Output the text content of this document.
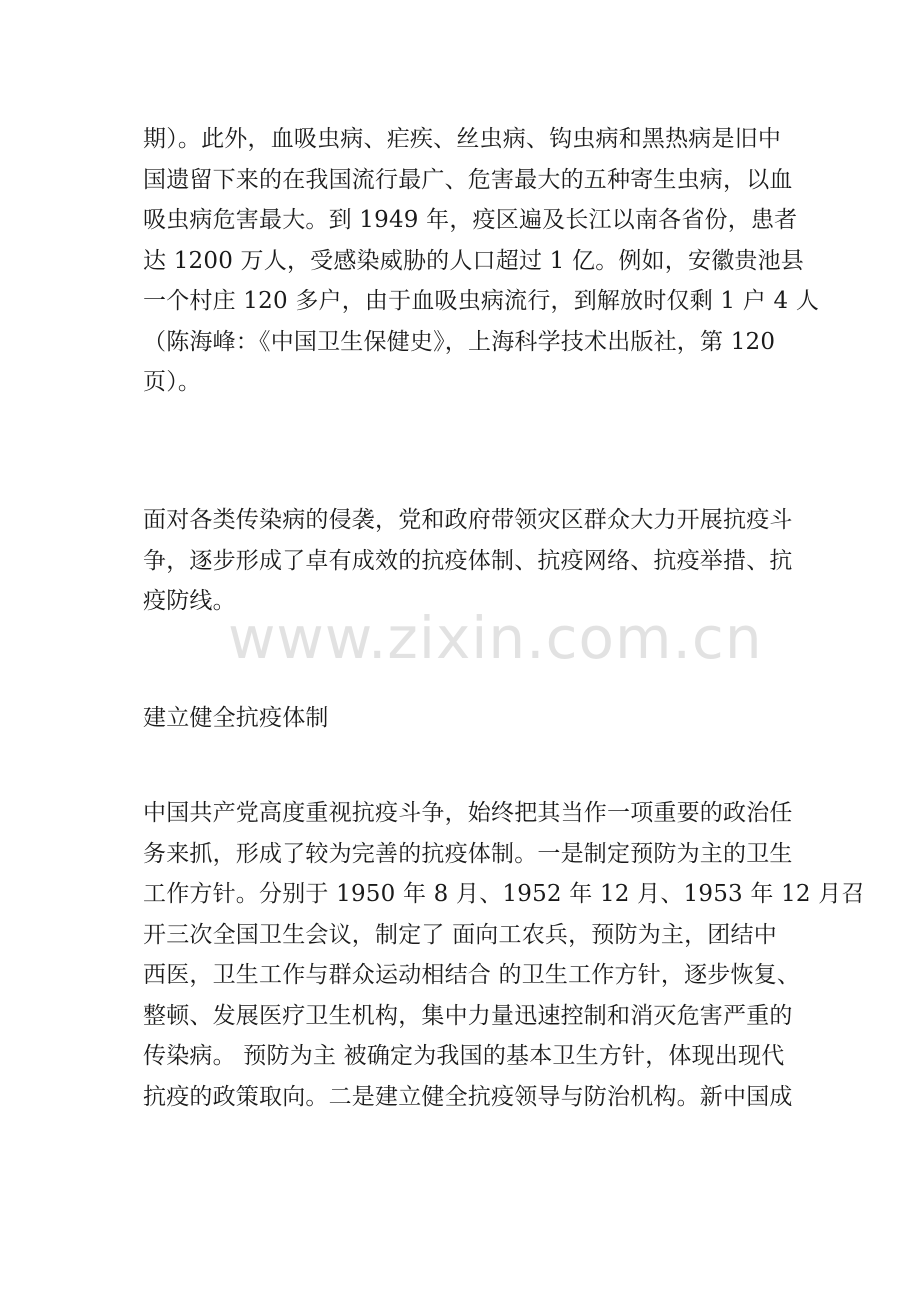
期）。此外，血吸虫病、疟疾、丝虫病、钩虫病和黑热病是旧中
国遗留下来的在我国流行最广、危害最大的五种寄生虫病，以血
吸虫病危害最大。到 1949 年，疫区遍及长江以南各省份，患者
达 1200 万人，受感染威胁的人口超过 1 亿。例如，安徽贵池县
一个村庄 120 多户，由于血吸虫病流行，到解放时仅剩 1 户 4 人
（陈海峰：《中国卫生保健史》，上海科学技术出版社，第 120
页）。

面对各类传染病的侵袭，党和政府带领灾区群众大力开展抗疫斗
争，逐步形成了卓有成效的抗疫体制、抗疫网络、抗疫举措、抗
疫防线。

建立健全抗疫体制

中国共产党高度重视抗疫斗争，始终把其当作一项重要的政治任
务来抓，形成了较为完善的抗疫体制。一是制定预防为主的卫生
工作方针。分别于 1950 年 8 月、1952 年 12 月、1953 年 12 月召
开三次全国卫生会议，制定了 面向工农兵，预防为主，团结中
西医，卫生工作与群众运动相结合 的卫生工作方针，逐步恢复、
整顿、发展医疗卫生机构，集中力量迅速控制和消灭危害严重的
传染病。 预防为主 被确定为我国的基本卫生方针，体现出现代
抗疫的政策取向。二是建立健全抗疫领导与防治机构。新中国成

www.zixin.com.cn
